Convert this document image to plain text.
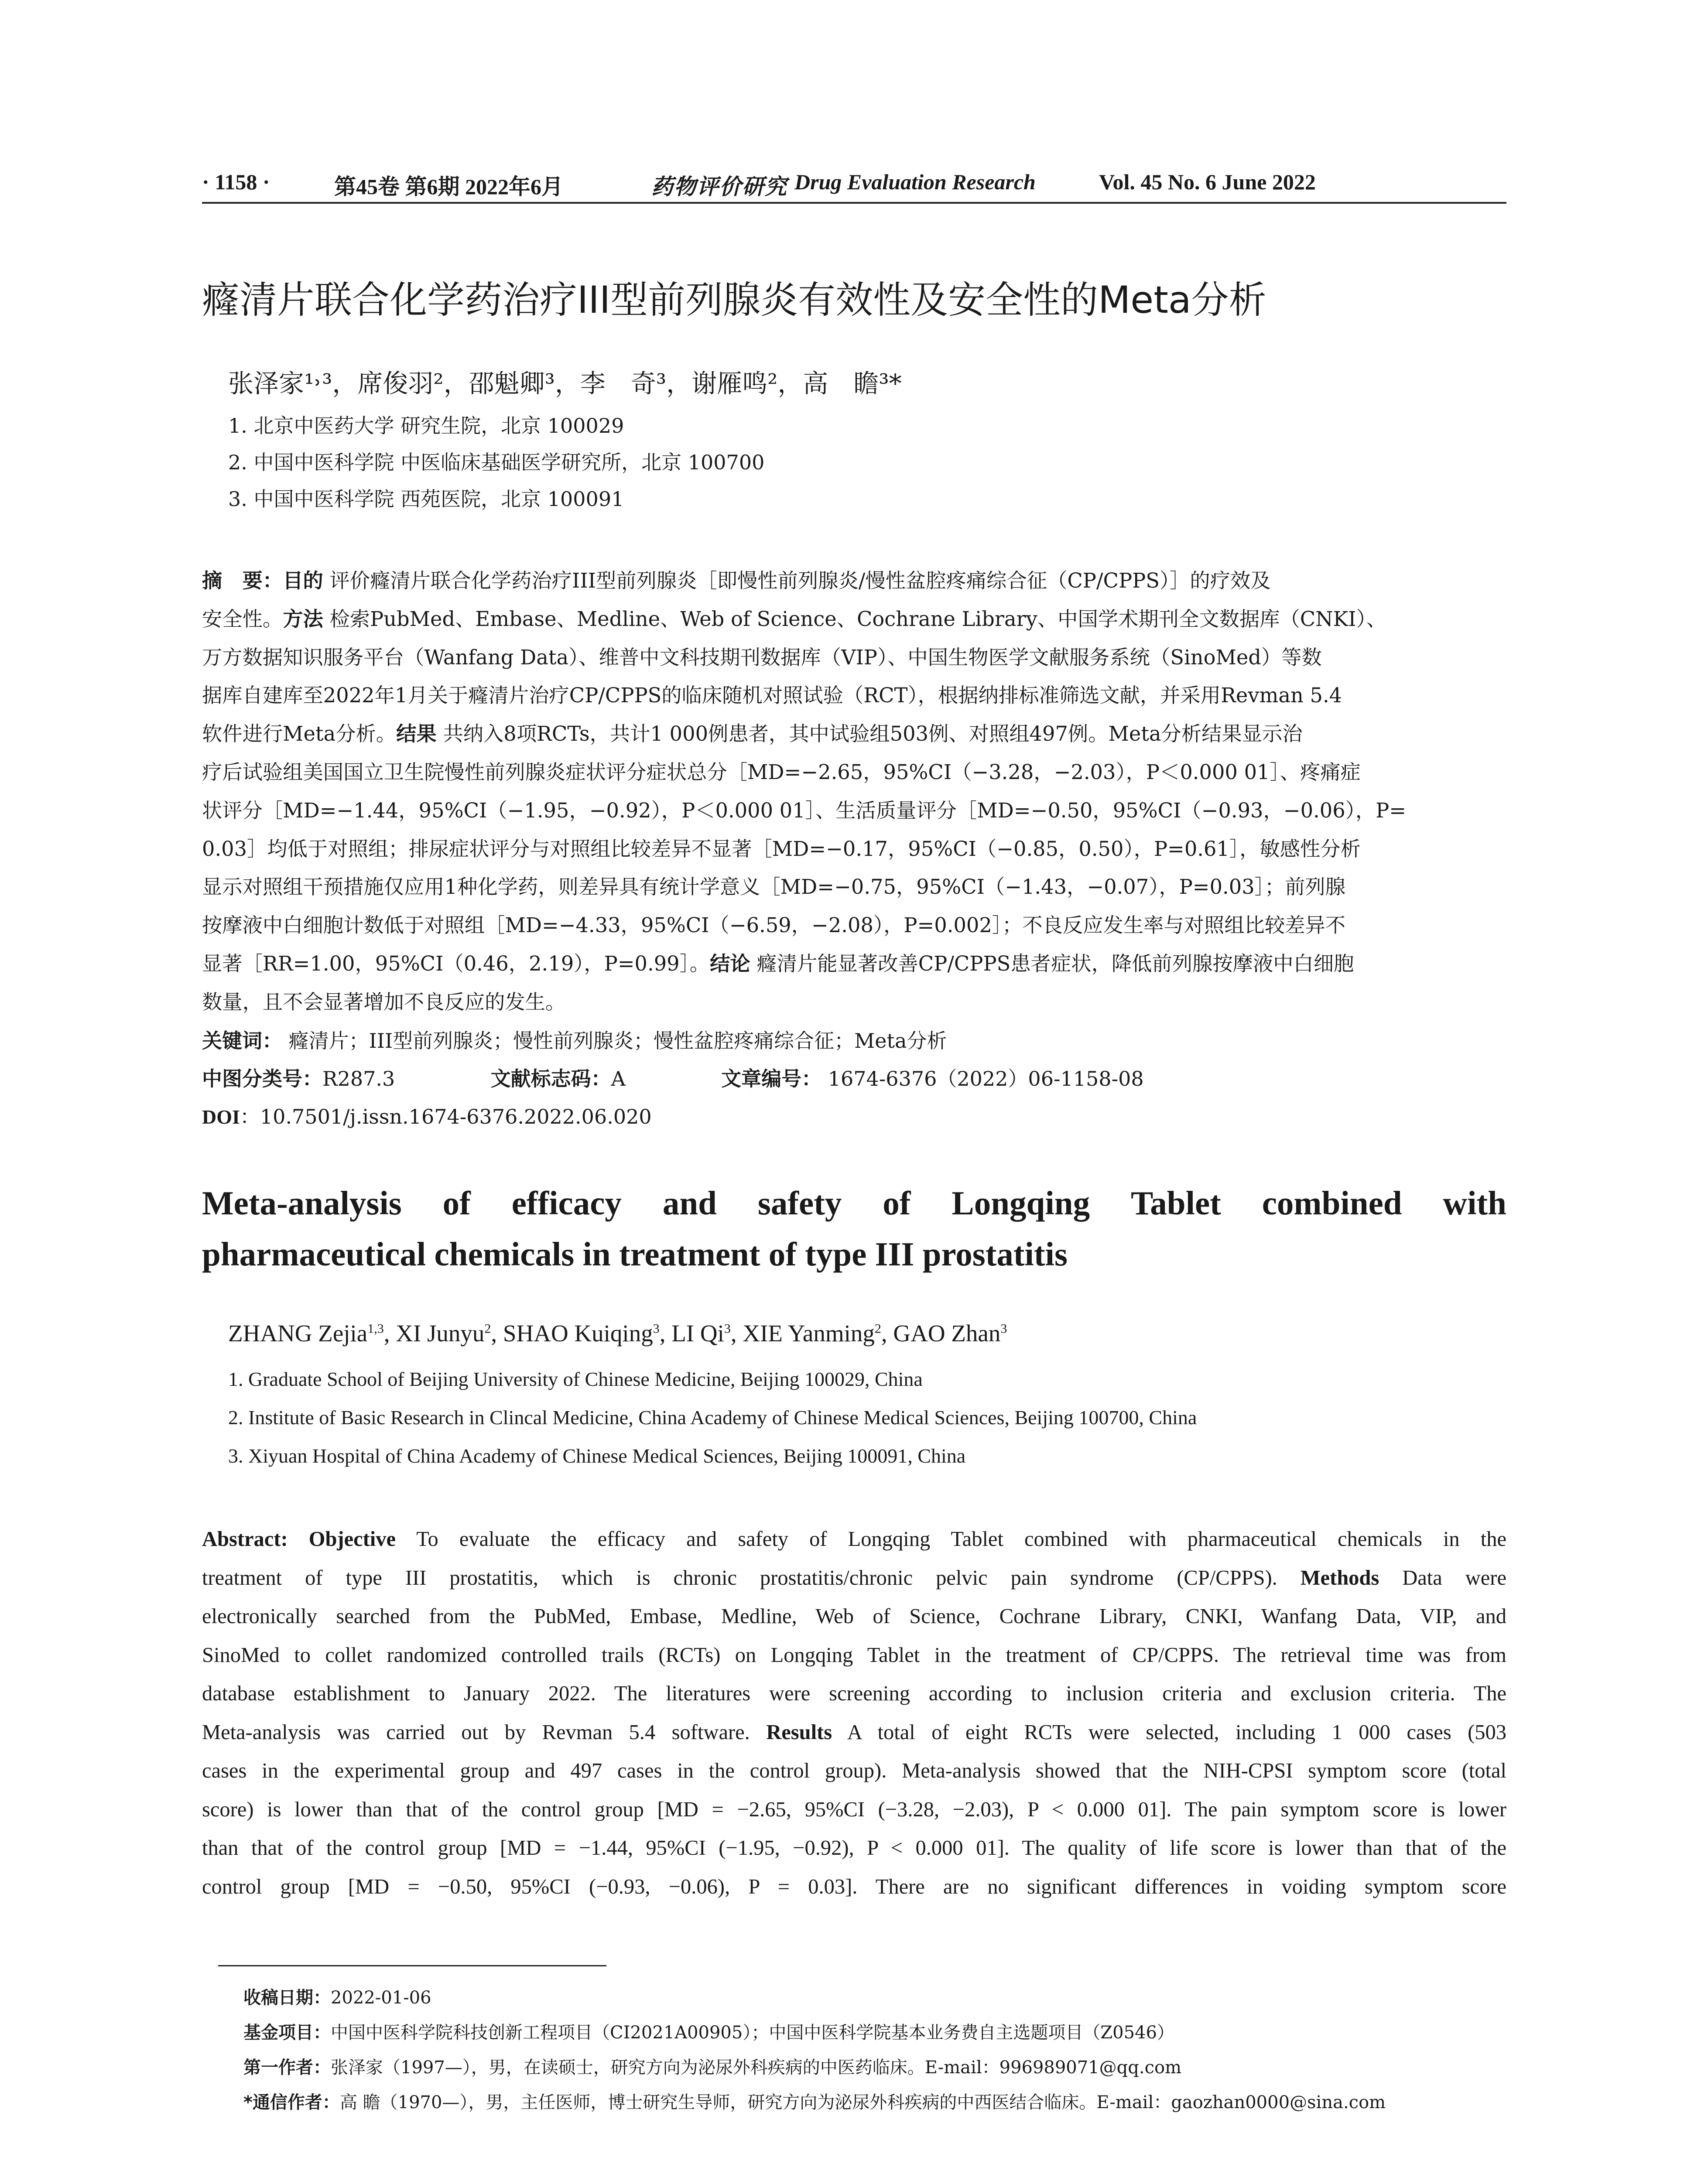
· 1158 ·	第45卷 第6期 2022年6月	药物评价研究 Drug Evaluation Research	Vol. 45 No. 6 June 2022
癃清片联合化学药治疗III型前列腺炎有效性及安全性的Meta分析
张泽家¹˒³，席俊羽²，邵魁卿³，李　奇³，谢雁鸣²，高　瞻³*
1. 北京中医药大学 研究生院，北京 100029
2. 中国中医科学院 中医临床基础医学研究所，北京 100700
3. 中国中医科学院 西苑医院，北京 100091
摘　要：目的 评价癃清片联合化学药治疗III型前列腺炎［即慢性前列腺炎/慢性盆腔疼痛综合征（CP/CPPS）］的疗效及
安全性。方法 检索PubMed、Embase、Medline、Web of Science、Cochrane Library、中国学术期刊全文数据库（CNKI）、
万方数据知识服务平台（Wanfang Data）、维普中文科技期刊数据库（VIP）、中国生物医学文献服务系统（SinoMed）等数
据库自建库至2022年1月关于癃清片治疗CP/CPPS的临床随机对照试验（RCT），根据纳排标准筛选文献，并采用Revman 5.4
软件进行Meta分析。结果 共纳入8项RCTs，共计1 000例患者，其中试验组503例、对照组497例。Meta分析结果显示治
疗后试验组美国国立卫生院慢性前列腺炎症状评分症状总分［MD=−2.65，95%CI（−3.28，−2.03），P＜0.000 01］、疼痛症
状评分［MD=−1.44，95%CI（−1.95，−0.92），P＜0.000 01］、生活质量评分［MD=−0.50，95%CI（−0.93，−0.06），P=
0.03］均低于对照组；排尿症状评分与对照组比较差异不显著［MD=−0.17，95%CI（−0.85，0.50），P=0.61］，敏感性分析
显示对照组干预措施仅应用1种化学药，则差异具有统计学意义［MD=−0.75，95%CI（−1.43，−0.07），P=0.03］；前列腺
按摩液中白细胞计数低于对照组［MD=−4.33，95%CI（−6.59，−2.08），P=0.002］；不良反应发生率与对照组比较差异不
显著［RR=1.00，95%CI（0.46，2.19），P=0.99］。结论 癃清片能显著改善CP/CPPS患者症状，降低前列腺按摩液中白细胞
数量，且不会显著增加不良反应的发生。
关键词： 癃清片；III型前列腺炎；慢性前列腺炎；慢性盆腔疼痛综合征；Meta分析
中图分类号：R287.3	文献标志码：A	文章编号： 1674-6376（2022）06-1158-08
DOI：10.7501/j.issn.1674-6376.2022.06.020
Meta-analysis of efficacy and safety of Longqing Tablet combined with
pharmaceutical chemicals in treatment of type III prostatitis
ZHANG Zejia$^{1,3}$, XI Junyu$^2$, SHAO Kuiqing$^3$, LI Qi$^3$, XIE Yanming$^2$, GAO Zhan$^3$
1. Graduate School of Beijing University of Chinese Medicine, Beijing 100029, China
2. Institute of Basic Research in Clincal Medicine, China Academy of Chinese Medical Sciences, Beijing 100700, China
3. Xiyuan Hospital of China Academy of Chinese Medical Sciences, Beijing 100091, China
Abstract: Objective To evaluate the efficacy and safety of Longqing Tablet combined with pharmaceutical chemicals in the
treatment of type III prostatitis, which is chronic prostatitis/chronic pelvic pain syndrome (CP/CPPS). Methods Data were
electronically searched from the PubMed, Embase, Medline, Web of Science, Cochrane Library, CNKI, Wanfang Data, VIP, and
SinoMed to collet randomized controlled trails (RCTs) on Longqing Tablet in the treatment of CP/CPPS. The retrieval time was from
database establishment to January 2022. The literatures were screening according to inclusion criteria and exclusion criteria. The
Meta-analysis was carried out by Revman 5.4 software. Results A total of eight RCTs were selected, including 1 000 cases (503
cases in the experimental group and 497 cases in the control group). Meta-analysis showed that the NIH-CPSI symptom score (total
score) is lower than that of the control group [MD = −2.65, 95%CI (−3.28, −2.03), P < 0.000 01]. The pain symptom score is lower
than that of the control group [MD = −1.44, 95%CI (−1.95, −0.92), P < 0.000 01]. The quality of life score is lower than that of the
control group [MD = −0.50, 95%CI (−0.93, −0.06), P = 0.03]. There are no significant differences in voiding symptom score
收稿日期：2022-01-06
基金项目：中国中医科学院科技创新工程项目（CI2021A00905）；中国中医科学院基本业务费自主选题项目（Z0546）
第一作者：张泽家（1997—），男，在读硕士，研究方向为泌尿外科疾病的中医药临床。E-mail：996989071@qq.com
*通信作者：高 瞻（1970—），男，主任医师，博士研究生导师，研究方向为泌尿外科疾病的中西医结合临床。E-mail：gaozhan0000@sina.com
